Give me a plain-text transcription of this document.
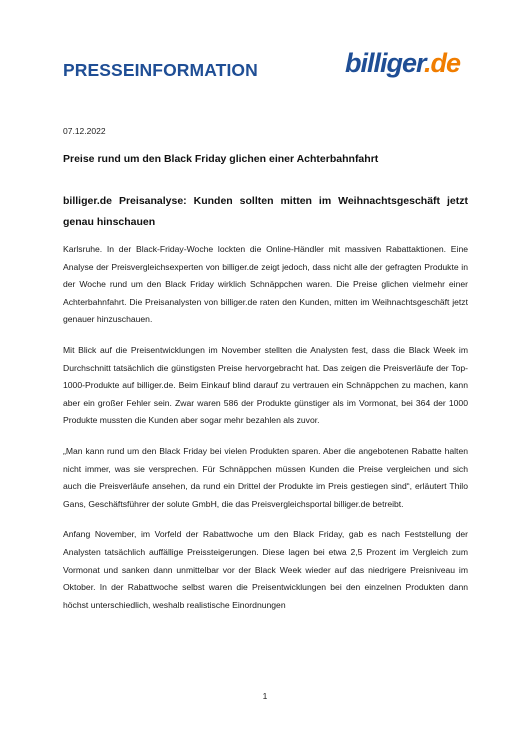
PRESSEINFORMATION	billiger.de
07.12.2022
Preise rund um den Black Friday glichen einer Achterbahnfahrt
billiger.de Preisanalyse: Kunden sollten mitten im Weihnachtsgeschäft jetzt genau hinschauen

Karlsruhe. In der Black-Friday-Woche lockten die Online-Händler mit massiven Rabattaktionen. Eine Analyse der Preisvergleichsexperten von billiger.de zeigt jedoch, dass nicht alle der gefragten Produkte in der Woche rund um den Black Friday wirklich Schnäppchen waren. Die Preise glichen vielmehr einer Achterbahnfahrt. Die Preisanalysten von billiger.de raten den Kunden, mitten im Weihnachtsgeschäft jetzt genauer hinzuschauen.

Mit Blick auf die Preisentwicklungen im November stellten die Analysten fest, dass die Black Week im Durchschnitt tatsächlich die günstigsten Preise hervorgebracht hat. Das zeigen die Preisverläufe der Top-1000-Produkte auf billiger.de. Beim Einkauf blind darauf zu vertrauen ein Schnäppchen zu machen, kann aber ein großer Fehler sein. Zwar waren 586 der Produkte günstiger als im Vormonat, bei 364 der 1000 Produkte mussten die Kunden aber sogar mehr bezahlen als zuvor.

„Man kann rund um den Black Friday bei vielen Produkten sparen. Aber die angebotenen Rabatte halten nicht immer, was sie versprechen. Für Schnäppchen müssen Kunden die Preise vergleichen und sich auch die Preisverläufe ansehen, da rund ein Drittel der Produkte im Preis gestiegen sind“, erläutert Thilo Gans, Geschäftsführer der solute GmbH, die das Preisvergleichsportal billiger.de betreibt.

Anfang November, im Vorfeld der Rabattwoche um den Black Friday, gab es nach Feststellung der Analysten tatsächlich auffällige Preissteigerungen. Diese lagen bei etwa 2,5 Prozent im Vergleich zum Vormonat und sanken dann unmittelbar vor der Black Week wieder auf das niedrigere Preisniveau im Oktober. In der Rabattwoche selbst waren die Preisentwicklungen bei den einzelnen Produkten dann höchst unterschiedlich, weshalb realistische Einordnungen

1
